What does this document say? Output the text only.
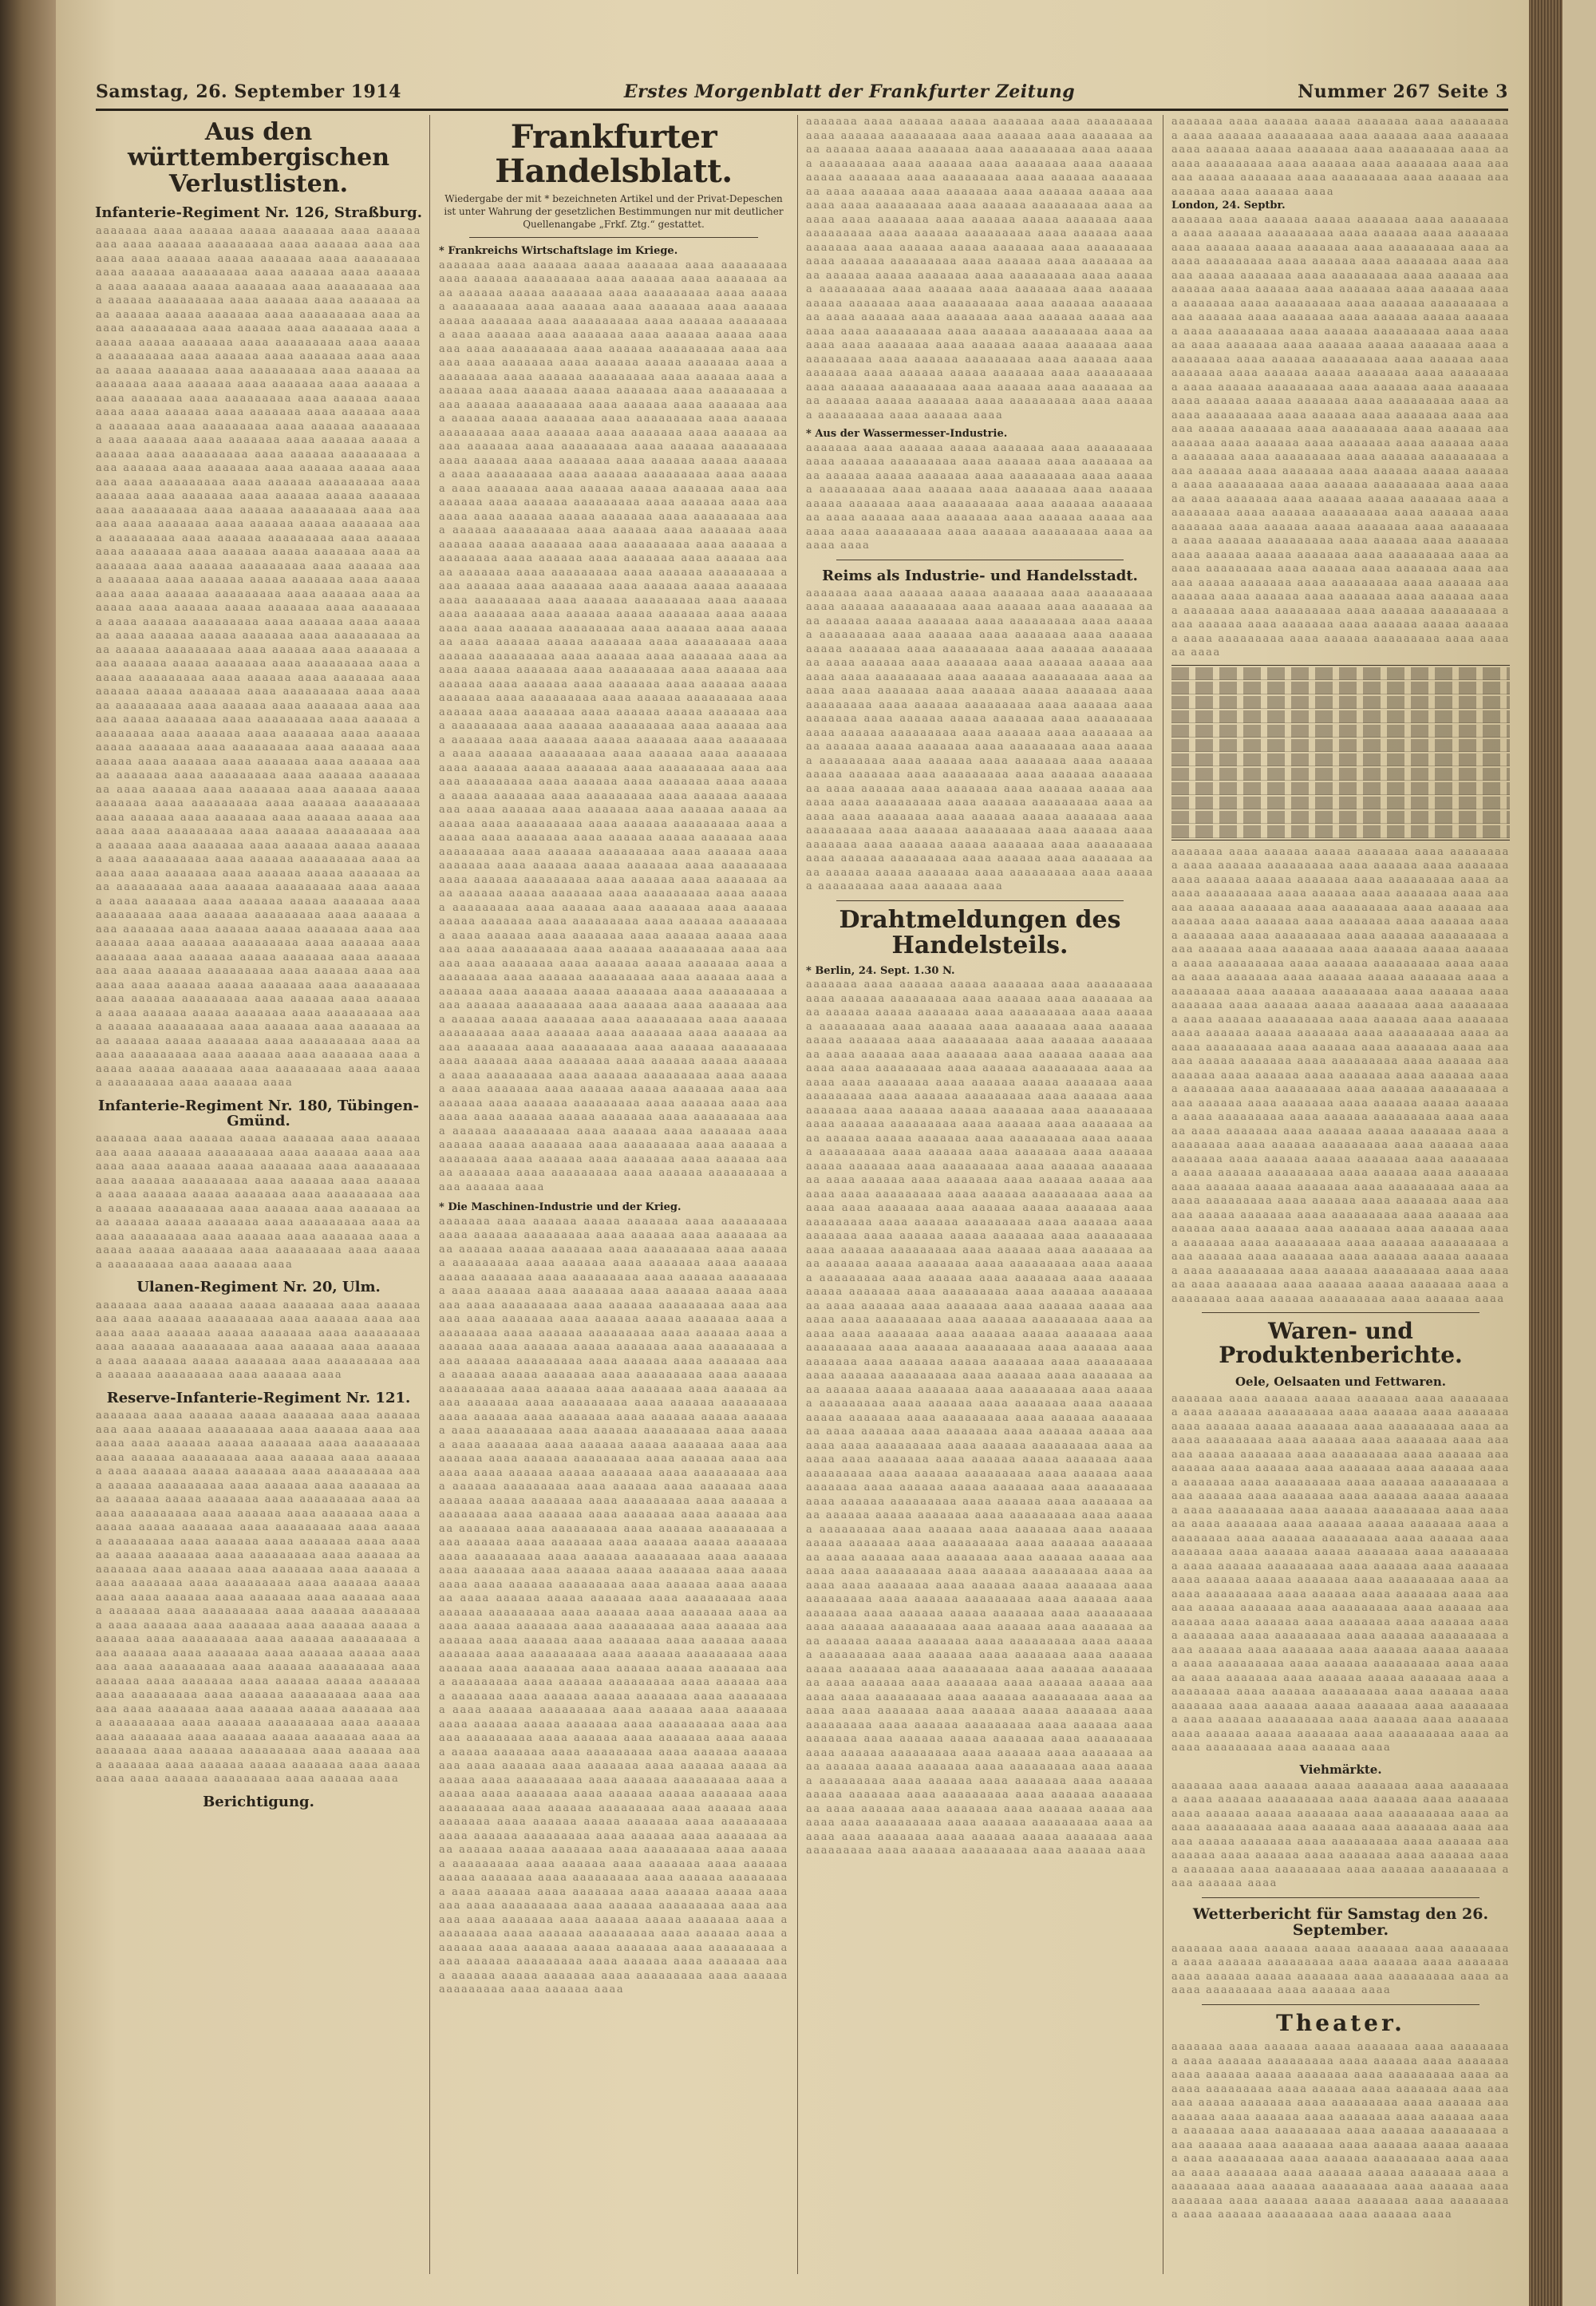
Samstag, 26. September 1914	Erstes Morgenblatt der Frankfurter Zeitung	Nummer 267 Seite 3
Aus den württembergischen Verlustlisten.
Infanterie-Regiment Nr. 126, Straßburg.
aaaaaaa aaaa aaaaaa aaaaa aaaaaaa aaaa aaaaaaaaa aaaa aaaaaa aaaaaaaaa aaaa aaaaaa aaaa aaaaaaa aaaa aaaaaa aaaaa aaaaaaa aaaa aaaaaaaaa aaaa aaaaaa aaaaaaaaa aaaa aaaaaa aaaa aaaaaaa aaaa aaaaaa aaaaa aaaaaaa aaaa aaaaaaaaa aaaa aaaaaa aaaaaaaaa aaaa aaaaaa aaaa aaaaaaa aaaa aaaaaa aaaaa aaaaaaa aaaa aaaaaaaaa aaaa aaaaaa aaaaaaaaa aaaa aaaaaa aaaa aaaaaaa aaaa aaaaaa aaaaa aaaaaaa aaaa aaaaaaaaa aaaa aaaaaa aaaaaaaaa aaaa aaaaaa aaaa aaaaaaa aaaa aaaaaa aaaaa aaaaaaa aaaa aaaaaaaaa aaaa aaaaaa aaaaaaaaa aaaa aaaaaa aaaa aaaaaaa aaaa aaaaaa aaaaa aaaaaaa aaaa aaaaaaaaa aaaa aaaaaa aaaaaaaaa aaaa aaaaaa aaaa aaaaaaa aaaa aaaaaa aaaaa aaaaaaa aaaa aaaaaaaaa aaaa aaaaaa aaaaaaaaa aaaa aaaaaa aaaa aaaaaaa aaaa aaaaaa aaaaa aaaaaaa aaaa aaaaaaaaa aaaa aaaaaa aaaaaaaaa aaaa aaaaaa aaaa aaaaaaa aaaa aaaaaa aaaaa aaaaaaa aaaa aaaaaaaaa aaaa aaaaaa aaaaaaaaa aaaa aaaaaa aaaa aaaaaaa aaaa aaaaaa aaaaa aaaaaaa aaaa aaaaaaaaa aaaa aaaaaa aaaaaaaaa aaaa aaaaaa aaaa aaaaaaa aaaa aaaaaa aaaaa aaaaaaa aaaa aaaaaaaaa aaaa aaaaaa aaaaaaaaa aaaa aaaaaa aaaa aaaaaaa aaaa aaaaaa aaaaa aaaaaaa aaaa aaaaaaaaa aaaa aaaaaa aaaaaaaaa aaaa aaaaaa aaaa aaaaaaa aaaa aaaaaa aaaaa aaaaaaa aaaa aaaaaaaaa aaaa aaaaaa aaaaaaaaa aaaa aaaaaa aaaa aaaaaaa aaaa aaaaaa aaaaa aaaaaaa aaaa aaaaaaaaa aaaa aaaaaa aaaaaaaaa aaaa aaaaaa aaaa aaaaaaa aaaa aaaaaa aaaaa aaaaaaa aaaa aaaaaaaaa aaaa aaaaaa aaaaaaaaa aaaa aaaaaa aaaa aaaaaaa aaaa aaaaaa aaaaa aaaaaaa aaaa aaaaaaaaa aaaa aaaaaa aaaaaaaaa aaaa aaaaaa aaaa aaaaaaa aaaa aaaaaa aaaaa aaaaaaa aaaa aaaaaaaaa aaaa aaaaaa aaaaaaaaa aaaa aaaaaa aaaa aaaaaaa aaaa aaaaaa aaaaa aaaaaaa aaaa aaaaaaaaa aaaa aaaaaa aaaaaaaaa aaaa aaaaaa aaaa aaaaaaa aaaa aaaaaa aaaaa aaaaaaa aaaa aaaaaaaaa aaaa aaaaaa aaaaaaaaa aaaa aaaaaa aaaa aaaaaaa aaaa aaaaaa aaaaa aaaaaaa aaaa aaaaaaaaa aaaa aaaaaa aaaaaaaaa aaaa aaaaaa aaaa aaaaaaa aaaa aaaaaa aaaaa aaaaaaa aaaa aaaaaaaaa aaaa aaaaaa aaaaaaaaa aaaa aaaaaa aaaa aaaaaaa aaaa aaaaaa aaaaa aaaaaaa aaaa aaaaaaaaa aaaa aaaaaa aaaaaaaaa aaaa aaaaaa aaaa aaaaaaa aaaa aaaaaa aaaaa aaaaaaa aaaa aaaaaaaaa aaaa aaaaaa aaaaaaaaa aaaa aaaaaa aaaa aaaaaaa aaaa aaaaaa aaaaa aaaaaaa aaaa aaaaaaaaa aaaa aaaaaa aaaaaaaaa aaaa aaaaaa aaaa aaaaaaa aaaa aaaaaa aaaaa aaaaaaa aaaa aaaaaaaaa aaaa aaaaaa aaaaaaaaa aaaa aaaaaa aaaa aaaaaaa aaaa aaaaaa aaaaa aaaaaaa aaaa aaaaaaaaa aaaa aaaaaa aaaaaaaaa aaaa aaaaaa aaaa aaaaaaa aaaa aaaaaa aaaaa aaaaaaa aaaa aaaaaaaaa aaaa aaaaaa aaaaaaaaa aaaa aaaaaa aaaa aaaaaaa aaaa aaaaaa aaaaa aaaaaaa aaaa aaaaaaaaa aaaa aaaaaa aaaaaaaaa aaaa aaaaaa aaaa aaaaaaa aaaa aaaaaa aaaaa aaaaaaa aaaa aaaaaaaaa aaaa aaaaaa aaaaaaaaa aaaa aaaaaa aaaa aaaaaaa aaaa aaaaaa aaaaa aaaaaaa aaaa aaaaaaaaa aaaa aaaaaa aaaaaaaaa aaaa aaaaaa aaaa aaaaaaa aaaa aaaaaa aaaaa aaaaaaa aaaa aaaaaaaaa aaaa aaaaaa aaaaaaaaa aaaa aaaaaa aaaa
Infanterie-Regiment Nr. 180, Tübingen-Gmünd.
aaaaaaa aaaa aaaaaa aaaaa aaaaaaa aaaa aaaaaaaaa aaaa aaaaaa aaaaaaaaa aaaa aaaaaa aaaa aaaaaaa aaaa aaaaaa aaaaa aaaaaaa aaaa aaaaaaaaa aaaa aaaaaa aaaaaaaaa aaaa aaaaaa aaaa aaaaaaa aaaa aaaaaa aaaaa aaaaaaa aaaa aaaaaaaaa aaaa aaaaaa aaaaaaaaa aaaa aaaaaa aaaa aaaaaaa aaaa aaaaaa aaaaa aaaaaaa aaaa aaaaaaaaa aaaa aaaaaa aaaaaaaaa aaaa aaaaaa aaaa aaaaaaa aaaa aaaaaa aaaaa aaaaaaa aaaa aaaaaaaaa aaaa aaaaaa aaaaaaaaa aaaa aaaaaa aaaa
Ulanen-Regiment Nr. 20, Ulm.
aaaaaaa aaaa aaaaaa aaaaa aaaaaaa aaaa aaaaaaaaa aaaa aaaaaa aaaaaaaaa aaaa aaaaaa aaaa aaaaaaa aaaa aaaaaa aaaaa aaaaaaa aaaa aaaaaaaaa aaaa aaaaaa aaaaaaaaa aaaa aaaaaa aaaa aaaaaaa aaaa aaaaaa aaaaa aaaaaaa aaaa aaaaaaaaa aaaa aaaaaa aaaaaaaaa aaaa aaaaaa aaaa
Reserve-Infanterie-Regiment Nr. 121.
aaaaaaa aaaa aaaaaa aaaaa aaaaaaa aaaa aaaaaaaaa aaaa aaaaaa aaaaaaaaa aaaa aaaaaa aaaa aaaaaaa aaaa aaaaaa aaaaa aaaaaaa aaaa aaaaaaaaa aaaa aaaaaa aaaaaaaaa aaaa aaaaaa aaaa aaaaaaa aaaa aaaaaa aaaaa aaaaaaa aaaa aaaaaaaaa aaaa aaaaaa aaaaaaaaa aaaa aaaaaa aaaa aaaaaaa aaaa aaaaaa aaaaa aaaaaaa aaaa aaaaaaaaa aaaa aaaaaa aaaaaaaaa aaaa aaaaaa aaaa aaaaaaa aaaa aaaaaa aaaaa aaaaaaa aaaa aaaaaaaaa aaaa aaaaaa aaaaaaaaa aaaa aaaaaa aaaa aaaaaaa aaaa aaaaaa aaaaa aaaaaaa aaaa aaaaaaaaa aaaa aaaaaa aaaaaaaaa aaaa aaaaaa aaaa aaaaaaa aaaa aaaaaa aaaaa aaaaaaa aaaa aaaaaaaaa aaaa aaaaaa aaaaaaaaa aaaa aaaaaa aaaa aaaaaaa aaaa aaaaaa aaaaa aaaaaaa aaaa aaaaaaaaa aaaa aaaaaa aaaaaaaaa aaaa aaaaaa aaaa aaaaaaa aaaa aaaaaa aaaaa aaaaaaa aaaa aaaaaaaaa aaaa aaaaaa aaaaaaaaa aaaa aaaaaa aaaa aaaaaaa aaaa aaaaaa aaaaa aaaaaaa aaaa aaaaaaaaa aaaa aaaaaa aaaaaaaaa aaaa aaaaaa aaaa aaaaaaa aaaa aaaaaa aaaaa aaaaaaa aaaa aaaaaaaaa aaaa aaaaaa aaaaaaaaa aaaa aaaaaa aaaa aaaaaaa aaaa aaaaaa aaaaa aaaaaaa aaaa aaaaaaaaa aaaa aaaaaa aaaaaaaaa aaaa aaaaaa aaaa aaaaaaa aaaa aaaaaa aaaaa aaaaaaa aaaa aaaaaaaaa aaaa aaaaaa aaaaaaaaa aaaa aaaaaa aaaa aaaaaaa aaaa aaaaaa aaaaa aaaaaaa aaaa aaaaaaaaa aaaa aaaaaa aaaaaaaaa aaaa aaaaaa aaaa
Berichtigung.
Frankfurter Handelsblatt.
Wiedergabe der mit * bezeichneten Artikel und der Privat-Depeschen ist unter Wahrung der gesetzlichen Bestimmungen nur mit deutlicher Quellenangabe „Frkf. Ztg.“ gestattet.
* Frankreichs Wirtschaftslage im Kriege.
aaaaaaa aaaa aaaaaa aaaaa aaaaaaa aaaa aaaaaaaaa aaaa aaaaaa aaaaaaaaa aaaa aaaaaa aaaa aaaaaaa aaaa aaaaaa aaaaa aaaaaaa aaaa aaaaaaaaa aaaa aaaaaa aaaaaaaaa aaaa aaaaaa aaaa aaaaaaa aaaa aaaaaa aaaaa aaaaaaa aaaa aaaaaaaaa aaaa aaaaaa aaaaaaaaa aaaa aaaaaa aaaa aaaaaaa aaaa aaaaaa aaaaa aaaaaaa aaaa aaaaaaaaa aaaa aaaaaa aaaaaaaaa aaaa aaaaaa aaaa aaaaaaa aaaa aaaaaa aaaaa aaaaaaa aaaa aaaaaaaaa aaaa aaaaaa aaaaaaaaa aaaa aaaaaa aaaa aaaaaaa aaaa aaaaaa aaaaa aaaaaaa aaaa aaaaaaaaa aaaa aaaaaa aaaaaaaaa aaaa aaaaaa aaaa aaaaaaa aaaa aaaaaa aaaaa aaaaaaa aaaa aaaaaaaaa aaaa aaaaaa aaaaaaaaa aaaa aaaaaa aaaa aaaaaaa aaaa aaaaaa aaaaa aaaaaaa aaaa aaaaaaaaa aaaa aaaaaa aaaaaaaaa aaaa aaaaaa aaaa aaaaaaa aaaa aaaaaa aaaaa aaaaaaa aaaa aaaaaaaaa aaaa aaaaaa aaaaaaaaa aaaa aaaaaa aaaa aaaaaaa aaaa aaaaaa aaaaa aaaaaaa aaaa aaaaaaaaa aaaa aaaaaa aaaaaaaaa aaaa aaaaaa aaaa aaaaaaa aaaa aaaaaa aaaaa aaaaaaa aaaa aaaaaaaaa aaaa aaaaaa aaaaaaaaa aaaa aaaaaa aaaa aaaaaaa aaaa aaaaaa aaaaa aaaaaaa aaaa aaaaaaaaa aaaa aaaaaa aaaaaaaaa aaaa aaaaaa aaaa aaaaaaa aaaa aaaaaa aaaaa aaaaaaa aaaa aaaaaaaaa aaaa aaaaaa aaaaaaaaa aaaa aaaaaa aaaa aaaaaaa aaaa aaaaaa aaaaa aaaaaaa aaaa aaaaaaaaa aaaa aaaaaa aaaaaaaaa aaaa aaaaaa aaaa aaaaaaa aaaa aaaaaa aaaaa aaaaaaa aaaa aaaaaaaaa aaaa aaaaaa aaaaaaaaa aaaa aaaaaa aaaa aaaaaaa aaaa aaaaaa aaaaa aaaaaaa aaaa aaaaaaaaa aaaa aaaaaa aaaaaaaaa aaaa aaaaaa aaaa aaaaaaa aaaa aaaaaa aaaaa aaaaaaa aaaa aaaaaaaaa aaaa aaaaaa aaaaaaaaa aaaa aaaaaa aaaa aaaaaaa aaaa aaaaaa aaaaa aaaaaaa aaaa aaaaaaaaa aaaa aaaaaa aaaaaaaaa aaaa aaaaaa aaaa aaaaaaa aaaa aaaaaa aaaaa aaaaaaa aaaa aaaaaaaaa aaaa aaaaaa aaaaaaaaa aaaa aaaaaa aaaa aaaaaaa aaaa aaaaaa aaaaa aaaaaaa aaaa aaaaaaaaa aaaa aaaaaa aaaaaaaaa aaaa aaaaaa aaaa aaaaaaa aaaa aaaaaa aaaaa aaaaaaa aaaa aaaaaaaaa aaaa aaaaaa aaaaaaaaa aaaa aaaaaa aaaa aaaaaaa aaaa aaaaaa aaaaa aaaaaaa aaaa aaaaaaaaa aaaa aaaaaa aaaaaaaaa aaaa aaaaaa aaaa aaaaaaa aaaa aaaaaa aaaaa aaaaaaa aaaa aaaaaaaaa aaaa aaaaaa aaaaaaaaa aaaa aaaaaa aaaa aaaaaaa aaaa aaaaaa aaaaa aaaaaaa aaaa aaaaaaaaa aaaa aaaaaa aaaaaaaaa aaaa aaaaaa aaaa aaaaaaa aaaa aaaaaa aaaaa aaaaaaa aaaa aaaaaaaaa aaaa aaaaaa aaaaaaaaa aaaa aaaaaa aaaa aaaaaaa aaaa aaaaaa aaaaa aaaaaaa aaaa aaaaaaaaa aaaa aaaaaa aaaaaaaaa aaaa aaaaaa aaaa aaaaaaa aaaa aaaaaa aaaaa aaaaaaa aaaa aaaaaaaaa aaaa aaaaaa aaaaaaaaa aaaa aaaaaa aaaa aaaaaaa aaaa aaaaaa aaaaa aaaaaaa aaaa aaaaaaaaa aaaa aaaaaa aaaaaaaaa aaaa aaaaaa aaaa aaaaaaa aaaa aaaaaa aaaaa aaaaaaa aaaa aaaaaaaaa aaaa aaaaaa aaaaaaaaa aaaa aaaaaa aaaa aaaaaaa aaaa aaaaaa aaaaa aaaaaaa aaaa aaaaaaaaa aaaa aaaaaa aaaaaaaaa aaaa aaaaaa aaaa aaaaaaa aaaa aaaaaa aaaaa aaaaaaa aaaa aaaaaaaaa aaaa aaaaaa aaaaaaaaa aaaa aaaaaa aaaa aaaaaaa aaaa aaaaaa aaaaa aaaaaaa aaaa aaaaaaaaa aaaa aaaaaa aaaaaaaaa aaaa aaaaaa aaaa aaaaaaa aaaa aaaaaa aaaaa aaaaaaa aaaa aaaaaaaaa aaaa aaaaaa aaaaaaaaa aaaa aaaaaa aaaa aaaaaaa aaaa aaaaaa aaaaa aaaaaaa aaaa aaaaaaaaa aaaa aaaaaa aaaaaaaaa aaaa aaaaaa aaaa aaaaaaa aaaa aaaaaa aaaaa aaaaaaa aaaa aaaaaaaaa aaaa aaaaaa aaaaaaaaa aaaa aaaaaa aaaa aaaaaaa aaaa aaaaaa aaaaa aaaaaaa aaaa aaaaaaaaa aaaa aaaaaa aaaaaaaaa aaaa aaaaaa aaaa aaaaaaa aaaa aaaaaa aaaaa aaaaaaa aaaa aaaaaaaaa aaaa aaaaaa aaaaaaaaa aaaa aaaaaa aaaa
* Die Maschinen-Industrie und der Krieg.
aaaaaaa aaaa aaaaaa aaaaa aaaaaaa aaaa aaaaaaaaa aaaa aaaaaa aaaaaaaaa aaaa aaaaaa aaaa aaaaaaa aaaa aaaaaa aaaaa aaaaaaa aaaa aaaaaaaaa aaaa aaaaaa aaaaaaaaa aaaa aaaaaa aaaa aaaaaaa aaaa aaaaaa aaaaa aaaaaaa aaaa aaaaaaaaa aaaa aaaaaa aaaaaaaaa aaaa aaaaaa aaaa aaaaaaa aaaa aaaaaa aaaaa aaaaaaa aaaa aaaaaaaaa aaaa aaaaaa aaaaaaaaa aaaa aaaaaa aaaa aaaaaaa aaaa aaaaaa aaaaa aaaaaaa aaaa aaaaaaaaa aaaa aaaaaa aaaaaaaaa aaaa aaaaaa aaaa aaaaaaa aaaa aaaaaa aaaaa aaaaaaa aaaa aaaaaaaaa aaaa aaaaaa aaaaaaaaa aaaa aaaaaa aaaa aaaaaaa aaaa aaaaaa aaaaa aaaaaaa aaaa aaaaaaaaa aaaa aaaaaa aaaaaaaaa aaaa aaaaaa aaaa aaaaaaa aaaa aaaaaa aaaaa aaaaaaa aaaa aaaaaaaaa aaaa aaaaaa aaaaaaaaa aaaa aaaaaa aaaa aaaaaaa aaaa aaaaaa aaaaa aaaaaaa aaaa aaaaaaaaa aaaa aaaaaa aaaaaaaaa aaaa aaaaaa aaaa aaaaaaa aaaa aaaaaa aaaaa aaaaaaa aaaa aaaaaaaaa aaaa aaaaaa aaaaaaaaa aaaa aaaaaa aaaa aaaaaaa aaaa aaaaaa aaaaa aaaaaaa aaaa aaaaaaaaa aaaa aaaaaa aaaaaaaaa aaaa aaaaaa aaaa aaaaaaa aaaa aaaaaa aaaaa aaaaaaa aaaa aaaaaaaaa aaaa aaaaaa aaaaaaaaa aaaa aaaaaa aaaa aaaaaaa aaaa aaaaaa aaaaa aaaaaaa aaaa aaaaaaaaa aaaa aaaaaa aaaaaaaaa aaaa aaaaaa aaaa aaaaaaa aaaa aaaaaa aaaaa aaaaaaa aaaa aaaaaaaaa aaaa aaaaaa aaaaaaaaa aaaa aaaaaa aaaa aaaaaaa aaaa aaaaaa aaaaa aaaaaaa aaaa aaaaaaaaa aaaa aaaaaa aaaaaaaaa aaaa aaaaaa aaaa aaaaaaa aaaa aaaaaa aaaaa aaaaaaa aaaa aaaaaaaaa aaaa aaaaaa aaaaaaaaa aaaa aaaaaa aaaa aaaaaaa aaaa aaaaaa aaaaa aaaaaaa aaaa aaaaaaaaa aaaa aaaaaa aaaaaaaaa aaaa aaaaaa aaaa aaaaaaa aaaa aaaaaa aaaaa aaaaaaa aaaa aaaaaaaaa aaaa aaaaaa aaaaaaaaa aaaa aaaaaa aaaa aaaaaaa aaaa aaaaaa aaaaa aaaaaaa aaaa aaaaaaaaa aaaa aaaaaa aaaaaaaaa aaaa aaaaaa aaaa aaaaaaa aaaa aaaaaa aaaaa aaaaaaa aaaa aaaaaaaaa aaaa aaaaaa aaaaaaaaa aaaa aaaaaa aaaa aaaaaaa aaaa aaaaaa aaaaa aaaaaaa aaaa aaaaaaaaa aaaa aaaaaa aaaaaaaaa aaaa aaaaaa aaaa aaaaaaa aaaa aaaaaa aaaaa aaaaaaa aaaa aaaaaaaaa aaaa aaaaaa aaaaaaaaa aaaa aaaaaa aaaa aaaaaaa aaaa aaaaaa aaaaa aaaaaaa aaaa aaaaaaaaa aaaa aaaaaa aaaaaaaaa aaaa aaaaaa aaaa aaaaaaa aaaa aaaaaa aaaaa aaaaaaa aaaa aaaaaaaaa aaaa aaaaaa aaaaaaaaa aaaa aaaaaa aaaa aaaaaaa aaaa aaaaaa aaaaa aaaaaaa aaaa aaaaaaaaa aaaa aaaaaa aaaaaaaaa aaaa aaaaaa aaaa aaaaaaa aaaa aaaaaa aaaaa aaaaaaa aaaa aaaaaaaaa aaaa aaaaaa aaaaaaaaa aaaa aaaaaa aaaa aaaaaaa aaaa aaaaaa aaaaa aaaaaaa aaaa aaaaaaaaa aaaa aaaaaa aaaaaaaaa aaaa aaaaaa aaaa aaaaaaa aaaa aaaaaa aaaaa aaaaaaa aaaa aaaaaaaaa aaaa aaaaaa aaaaaaaaa aaaa aaaaaa aaaa aaaaaaa aaaa aaaaaa aaaaa aaaaaaa aaaa aaaaaaaaa aaaa aaaaaa aaaaaaaaa aaaa aaaaaa aaaa aaaaaaa aaaa aaaaaa aaaaa aaaaaaa aaaa aaaaaaaaa aaaa aaaaaa aaaaaaaaa aaaa aaaaaa aaaa aaaaaaa aaaa aaaaaa aaaaa aaaaaaa aaaa aaaaaaaaa aaaa aaaaaa aaaaaaaaa aaaa aaaaaa aaaa
aaaaaaa aaaa aaaaaa aaaaa aaaaaaa aaaa aaaaaaaaa aaaa aaaaaa aaaaaaaaa aaaa aaaaaa aaaa aaaaaaa aaaa aaaaaa aaaaa aaaaaaa aaaa aaaaaaaaa aaaa aaaaaa aaaaaaaaa aaaa aaaaaa aaaa aaaaaaa aaaa aaaaaa aaaaa aaaaaaa aaaa aaaaaaaaa aaaa aaaaaa aaaaaaaaa aaaa aaaaaa aaaa aaaaaaa aaaa aaaaaa aaaaa aaaaaaa aaaa aaaaaaaaa aaaa aaaaaa aaaaaaaaa aaaa aaaaaa aaaa aaaaaaa aaaa aaaaaa aaaaa aaaaaaa aaaa aaaaaaaaa aaaa aaaaaa aaaaaaaaa aaaa aaaaaa aaaa aaaaaaa aaaa aaaaaa aaaaa aaaaaaa aaaa aaaaaaaaa aaaa aaaaaa aaaaaaaaa aaaa aaaaaa aaaa aaaaaaa aaaa aaaaaa aaaaa aaaaaaa aaaa aaaaaaaaa aaaa aaaaaa aaaaaaaaa aaaa aaaaaa aaaa aaaaaaa aaaa aaaaaa aaaaa aaaaaaa aaaa aaaaaaaaa aaaa aaaaaa aaaaaaaaa aaaa aaaaaa aaaa aaaaaaa aaaa aaaaaa aaaaa aaaaaaa aaaa aaaaaaaaa aaaa aaaaaa aaaaaaaaa aaaa aaaaaa aaaa aaaaaaa aaaa aaaaaa aaaaa aaaaaaa aaaa aaaaaaaaa aaaa aaaaaa aaaaaaaaa aaaa aaaaaa aaaa aaaaaaa aaaa aaaaaa aaaaa aaaaaaa aaaa aaaaaaaaa aaaa aaaaaa aaaaaaaaa aaaa aaaaaa aaaa aaaaaaa aaaa aaaaaa aaaaa aaaaaaa aaaa aaaaaaaaa aaaa aaaaaa aaaaaaaaa aaaa aaaaaa aaaa
* Aus der Wassermesser-Industrie.
aaaaaaa aaaa aaaaaa aaaaa aaaaaaa aaaa aaaaaaaaa aaaa aaaaaa aaaaaaaaa aaaa aaaaaa aaaa aaaaaaa aaaa aaaaaa aaaaa aaaaaaa aaaa aaaaaaaaa aaaa aaaaaa aaaaaaaaa aaaa aaaaaa aaaa aaaaaaa aaaa aaaaaa aaaaa aaaaaaa aaaa aaaaaaaaa aaaa aaaaaa aaaaaaaaa aaaa aaaaaa aaaa aaaaaaa aaaa aaaaaa aaaaa aaaaaaa aaaa aaaaaaaaa aaaa aaaaaa aaaaaaaaa aaaa aaaaaa aaaa
Reims als Industrie- und Handelsstadt.
aaaaaaa aaaa aaaaaa aaaaa aaaaaaa aaaa aaaaaaaaa aaaa aaaaaa aaaaaaaaa aaaa aaaaaa aaaa aaaaaaa aaaa aaaaaa aaaaa aaaaaaa aaaa aaaaaaaaa aaaa aaaaaa aaaaaaaaa aaaa aaaaaa aaaa aaaaaaa aaaa aaaaaa aaaaa aaaaaaa aaaa aaaaaaaaa aaaa aaaaaa aaaaaaaaa aaaa aaaaaa aaaa aaaaaaa aaaa aaaaaa aaaaa aaaaaaa aaaa aaaaaaaaa aaaa aaaaaa aaaaaaaaa aaaa aaaaaa aaaa aaaaaaa aaaa aaaaaa aaaaa aaaaaaa aaaa aaaaaaaaa aaaa aaaaaa aaaaaaaaa aaaa aaaaaa aaaa aaaaaaa aaaa aaaaaa aaaaa aaaaaaa aaaa aaaaaaaaa aaaa aaaaaa aaaaaaaaa aaaa aaaaaa aaaa aaaaaaa aaaa aaaaaa aaaaa aaaaaaa aaaa aaaaaaaaa aaaa aaaaaa aaaaaaaaa aaaa aaaaaa aaaa aaaaaaa aaaa aaaaaa aaaaa aaaaaaa aaaa aaaaaaaaa aaaa aaaaaa aaaaaaaaa aaaa aaaaaa aaaa aaaaaaa aaaa aaaaaa aaaaa aaaaaaa aaaa aaaaaaaaa aaaa aaaaaa aaaaaaaaa aaaa aaaaaa aaaa aaaaaaa aaaa aaaaaa aaaaa aaaaaaa aaaa aaaaaaaaa aaaa aaaaaa aaaaaaaaa aaaa aaaaaa aaaa aaaaaaa aaaa aaaaaa aaaaa aaaaaaa aaaa aaaaaaaaa aaaa aaaaaa aaaaaaaaa aaaa aaaaaa aaaa aaaaaaa aaaa aaaaaa aaaaa aaaaaaa aaaa aaaaaaaaa aaaa aaaaaa aaaaaaaaa aaaa aaaaaa aaaa
Drahtmeldungen des Handelsteils.
* Berlin, 24. Sept. 1.30 N.
aaaaaaa aaaa aaaaaa aaaaa aaaaaaa aaaa aaaaaaaaa aaaa aaaaaa aaaaaaaaa aaaa aaaaaa aaaa aaaaaaa aaaa aaaaaa aaaaa aaaaaaa aaaa aaaaaaaaa aaaa aaaaaa aaaaaaaaa aaaa aaaaaa aaaa aaaaaaa aaaa aaaaaa aaaaa aaaaaaa aaaa aaaaaaaaa aaaa aaaaaa aaaaaaaaa aaaa aaaaaa aaaa aaaaaaa aaaa aaaaaa aaaaa aaaaaaa aaaa aaaaaaaaa aaaa aaaaaa aaaaaaaaa aaaa aaaaaa aaaa aaaaaaa aaaa aaaaaa aaaaa aaaaaaa aaaa aaaaaaaaa aaaa aaaaaa aaaaaaaaa aaaa aaaaaa aaaa aaaaaaa aaaa aaaaaa aaaaa aaaaaaa aaaa aaaaaaaaa aaaa aaaaaa aaaaaaaaa aaaa aaaaaa aaaa aaaaaaa aaaa aaaaaa aaaaa aaaaaaa aaaa aaaaaaaaa aaaa aaaaaa aaaaaaaaa aaaa aaaaaa aaaa aaaaaaa aaaa aaaaaa aaaaa aaaaaaa aaaa aaaaaaaaa aaaa aaaaaa aaaaaaaaa aaaa aaaaaa aaaa aaaaaaa aaaa aaaaaa aaaaa aaaaaaa aaaa aaaaaaaaa aaaa aaaaaa aaaaaaaaa aaaa aaaaaa aaaa aaaaaaa aaaa aaaaaa aaaaa aaaaaaa aaaa aaaaaaaaa aaaa aaaaaa aaaaaaaaa aaaa aaaaaa aaaa aaaaaaa aaaa aaaaaa aaaaa aaaaaaa aaaa aaaaaaaaa aaaa aaaaaa aaaaaaaaa aaaa aaaaaa aaaa aaaaaaa aaaa aaaaaa aaaaa aaaaaaa aaaa aaaaaaaaa aaaa aaaaaa aaaaaaaaa aaaa aaaaaa aaaa aaaaaaa aaaa aaaaaa aaaaa aaaaaaa aaaa aaaaaaaaa aaaa aaaaaa aaaaaaaaa aaaa aaaaaa aaaa aaaaaaa aaaa aaaaaa aaaaa aaaaaaa aaaa aaaaaaaaa aaaa aaaaaa aaaaaaaaa aaaa aaaaaa aaaa aaaaaaa aaaa aaaaaa aaaaa aaaaaaa aaaa aaaaaaaaa aaaa aaaaaa aaaaaaaaa aaaa aaaaaa aaaa aaaaaaa aaaa aaaaaa aaaaa aaaaaaa aaaa aaaaaaaaa aaaa aaaaaa aaaaaaaaa aaaa aaaaaa aaaa aaaaaaa aaaa aaaaaa aaaaa aaaaaaa aaaa aaaaaaaaa aaaa aaaaaa aaaaaaaaa aaaa aaaaaa aaaa aaaaaaa aaaa aaaaaa aaaaa aaaaaaa aaaa aaaaaaaaa aaaa aaaaaa aaaaaaaaa aaaa aaaaaa aaaa aaaaaaa aaaa aaaaaa aaaaa aaaaaaa aaaa aaaaaaaaa aaaa aaaaaa aaaaaaaaa aaaa aaaaaa aaaa aaaaaaa aaaa aaaaaa aaaaa aaaaaaa aaaa aaaaaaaaa aaaa aaaaaa aaaaaaaaa aaaa aaaaaa aaaa aaaaaaa aaaa aaaaaa aaaaa aaaaaaa aaaa aaaaaaaaa aaaa aaaaaa aaaaaaaaa aaaa aaaaaa aaaa aaaaaaa aaaa aaaaaa aaaaa aaaaaaa aaaa aaaaaaaaa aaaa aaaaaa aaaaaaaaa aaaa aaaaaa aaaa aaaaaaa aaaa aaaaaa aaaaa aaaaaaa aaaa aaaaaaaaa aaaa aaaaaa aaaaaaaaa aaaa aaaaaa aaaa aaaaaaa aaaa aaaaaa aaaaa aaaaaaa aaaa aaaaaaaaa aaaa aaaaaa aaaaaaaaa aaaa aaaaaa aaaa aaaaaaa aaaa aaaaaa aaaaa aaaaaaa aaaa aaaaaaaaa aaaa aaaaaa aaaaaaaaa aaaa aaaaaa aaaa aaaaaaa aaaa aaaaaa aaaaa aaaaaaa aaaa aaaaaaaaa aaaa aaaaaa aaaaaaaaa aaaa aaaaaa aaaa aaaaaaa aaaa aaaaaa aaaaa aaaaaaa aaaa aaaaaaaaa aaaa aaaaaa aaaaaaaaa aaaa aaaaaa aaaa aaaaaaa aaaa aaaaaa aaaaa aaaaaaa aaaa aaaaaaaaa aaaa aaaaaa aaaaaaaaa aaaa aaaaaa aaaa aaaaaaa aaaa aaaaaa aaaaa aaaaaaa aaaa aaaaaaaaa aaaa aaaaaa aaaaaaaaa aaaa aaaaaa aaaa aaaaaaa aaaa aaaaaa aaaaa aaaaaaa aaaa aaaaaaaaa aaaa aaaaaa aaaaaaaaa aaaa aaaaaa aaaa aaaaaaa aaaa aaaaaa aaaaa aaaaaaa aaaa aaaaaaaaa aaaa aaaaaa aaaaaaaaa aaaa aaaaaa aaaa aaaaaaa aaaa aaaaaa aaaaa aaaaaaa aaaa aaaaaaaaa aaaa aaaaaa aaaaaaaaa aaaa aaaaaa aaaa aaaaaaa aaaa aaaaaa aaaaa aaaaaaa aaaa aaaaaaaaa aaaa aaaaaa aaaaaaaaa aaaa aaaaaa aaaa aaaaaaa aaaa aaaaaa aaaaa aaaaaaa aaaa aaaaaaaaa aaaa aaaaaa aaaaaaaaa aaaa aaaaaa aaaa aaaaaaa aaaa aaaaaa aaaaa aaaaaaa aaaa aaaaaaaaa aaaa aaaaaa aaaaaaaaa aaaa aaaaaa aaaa
aaaaaaa aaaa aaaaaa aaaaa aaaaaaa aaaa aaaaaaaaa aaaa aaaaaa aaaaaaaaa aaaa aaaaaa aaaa aaaaaaa aaaa aaaaaa aaaaa aaaaaaa aaaa aaaaaaaaa aaaa aaaaaa aaaaaaaaa aaaa aaaaaa aaaa aaaaaaa aaaa aaaaaa aaaaa aaaaaaa aaaa aaaaaaaaa aaaa aaaaaa aaaaaaaaa aaaa aaaaaa aaaa
London, 24. Septbr.
aaaaaaa aaaa aaaaaa aaaaa aaaaaaa aaaa aaaaaaaaa aaaa aaaaaa aaaaaaaaa aaaa aaaaaa aaaa aaaaaaa aaaa aaaaaa aaaaa aaaaaaa aaaa aaaaaaaaa aaaa aaaaaa aaaaaaaaa aaaa aaaaaa aaaa aaaaaaa aaaa aaaaaa aaaaa aaaaaaa aaaa aaaaaaaaa aaaa aaaaaa aaaaaaaaa aaaa aaaaaa aaaa aaaaaaa aaaa aaaaaa aaaaa aaaaaaa aaaa aaaaaaaaa aaaa aaaaaa aaaaaaaaa aaaa aaaaaa aaaa aaaaaaa aaaa aaaaaa aaaaa aaaaaaa aaaa aaaaaaaaa aaaa aaaaaa aaaaaaaaa aaaa aaaaaa aaaa aaaaaaa aaaa aaaaaa aaaaa aaaaaaa aaaa aaaaaaaaa aaaa aaaaaa aaaaaaaaa aaaa aaaaaa aaaa aaaaaaa aaaa aaaaaa aaaaa aaaaaaa aaaa aaaaaaaaa aaaa aaaaaa aaaaaaaaa aaaa aaaaaa aaaa aaaaaaa aaaa aaaaaa aaaaa aaaaaaa aaaa aaaaaaaaa aaaa aaaaaa aaaaaaaaa aaaa aaaaaa aaaa aaaaaaa aaaa aaaaaa aaaaa aaaaaaa aaaa aaaaaaaaa aaaa aaaaaa aaaaaaaaa aaaa aaaaaa aaaa aaaaaaa aaaa aaaaaa aaaaa aaaaaaa aaaa aaaaaaaaa aaaa aaaaaa aaaaaaaaa aaaa aaaaaa aaaa aaaaaaa aaaa aaaaaa aaaaa aaaaaaa aaaa aaaaaaaaa aaaa aaaaaa aaaaaaaaa aaaa aaaaaa aaaa aaaaaaa aaaa aaaaaa aaaaa aaaaaaa aaaa aaaaaaaaa aaaa aaaaaa aaaaaaaaa aaaa aaaaaa aaaa aaaaaaa aaaa aaaaaa aaaaa aaaaaaa aaaa aaaaaaaaa aaaa aaaaaa aaaaaaaaa aaaa aaaaaa aaaa aaaaaaa aaaa aaaaaa aaaaa aaaaaaa aaaa aaaaaaaaa aaaa aaaaaa aaaaaaaaa aaaa aaaaaa aaaa aaaaaaa aaaa aaaaaa aaaaa aaaaaaa aaaa aaaaaaaaa aaaa aaaaaa aaaaaaaaa aaaa aaaaaa aaaa aaaaaaa aaaa aaaaaa aaaaa aaaaaaa aaaa aaaaaaaaa aaaa aaaaaa aaaaaaaaa aaaa aaaaaa aaaa aaaaaaa aaaa aaaaaa aaaaa aaaaaaa aaaa aaaaaaaaa aaaa aaaaaa aaaaaaaaa aaaa aaaaaa aaaa
aaaaaaa aaaa aaaaaa aaaaa aaaaaaa aaaa aaaaaaaaa aaaa aaaaaa aaaaaaaaa aaaa aaaaaa aaaa aaaaaaa aaaa aaaaaa aaaaa aaaaaaa aaaa aaaaaaaaa aaaa aaaaaa aaaaaaaaa aaaa aaaaaa aaaa aaaaaaa aaaa aaaaaa aaaaa aaaaaaa aaaa aaaaaaaaa aaaa aaaaaa aaaaaaaaa aaaa aaaaaa aaaa aaaaaaa aaaa aaaaaa aaaaa aaaaaaa aaaa aaaaaaaaa aaaa aaaaaa aaaaaaaaa aaaa aaaaaa aaaa aaaaaaa aaaa aaaaaa aaaaa aaaaaaa aaaa aaaaaaaaa aaaa aaaaaa aaaaaaaaa aaaa aaaaaa aaaa aaaaaaa aaaa aaaaaa aaaaa aaaaaaa aaaa aaaaaaaaa aaaa aaaaaa aaaaaaaaa aaaa aaaaaa aaaa aaaaaaa aaaa aaaaaa aaaaa aaaaaaa aaaa aaaaaaaaa aaaa aaaaaa aaaaaaaaa aaaa aaaaaa aaaa aaaaaaa aaaa aaaaaa aaaaa aaaaaaa aaaa aaaaaaaaa aaaa aaaaaa aaaaaaaaa aaaa aaaaaa aaaa aaaaaaa aaaa aaaaaa aaaaa aaaaaaa aaaa aaaaaaaaa aaaa aaaaaa aaaaaaaaa aaaa aaaaaa aaaa aaaaaaa aaaa aaaaaa aaaaa aaaaaaa aaaa aaaaaaaaa aaaa aaaaaa aaaaaaaaa aaaa aaaaaa aaaa aaaaaaa aaaa aaaaaa aaaaa aaaaaaa aaaa aaaaaaaaa aaaa aaaaaa aaaaaaaaa aaaa aaaaaa aaaa aaaaaaa aaaa aaaaaa aaaaa aaaaaaa aaaa aaaaaaaaa aaaa aaaaaa aaaaaaaaa aaaa aaaaaa aaaa aaaaaaa aaaa aaaaaa aaaaa aaaaaaa aaaa aaaaaaaaa aaaa aaaaaa aaaaaaaaa aaaa aaaaaa aaaa aaaaaaa aaaa aaaaaa aaaaa aaaaaaa aaaa aaaaaaaaa aaaa aaaaaa aaaaaaaaa aaaa aaaaaa aaaa aaaaaaa aaaa aaaaaa aaaaa aaaaaaa aaaa aaaaaaaaa aaaa aaaaaa aaaaaaaaa aaaa aaaaaa aaaa aaaaaaa aaaa aaaaaa aaaaa aaaaaaa aaaa aaaaaaaaa aaaa aaaaaa aaaaaaaaa aaaa aaaaaa aaaa aaaaaaa aaaa aaaaaa aaaaa aaaaaaa aaaa aaaaaaaaa aaaa aaaaaa aaaaaaaaa aaaa aaaaaa aaaa aaaaaaa aaaa aaaaaa aaaaa aaaaaaa aaaa aaaaaaaaa aaaa aaaaaa aaaaaaaaa aaaa aaaaaa aaaa
Waren- und Produktenberichte.
Oele, Oelsaaten und Fettwaren.
aaaaaaa aaaa aaaaaa aaaaa aaaaaaa aaaa aaaaaaaaa aaaa aaaaaa aaaaaaaaa aaaa aaaaaa aaaa aaaaaaa aaaa aaaaaa aaaaa aaaaaaa aaaa aaaaaaaaa aaaa aaaaaa aaaaaaaaa aaaa aaaaaa aaaa aaaaaaa aaaa aaaaaa aaaaa aaaaaaa aaaa aaaaaaaaa aaaa aaaaaa aaaaaaaaa aaaa aaaaaa aaaa aaaaaaa aaaa aaaaaa aaaaa aaaaaaa aaaa aaaaaaaaa aaaa aaaaaa aaaaaaaaa aaaa aaaaaa aaaa aaaaaaa aaaa aaaaaa aaaaa aaaaaaa aaaa aaaaaaaaa aaaa aaaaaa aaaaaaaaa aaaa aaaaaa aaaa aaaaaaa aaaa aaaaaa aaaaa aaaaaaa aaaa aaaaaaaaa aaaa aaaaaa aaaaaaaaa aaaa aaaaaa aaaa aaaaaaa aaaa aaaaaa aaaaa aaaaaaa aaaa aaaaaaaaa aaaa aaaaaa aaaaaaaaa aaaa aaaaaa aaaa aaaaaaa aaaa aaaaaa aaaaa aaaaaaa aaaa aaaaaaaaa aaaa aaaaaa aaaaaaaaa aaaa aaaaaa aaaa aaaaaaa aaaa aaaaaa aaaaa aaaaaaa aaaa aaaaaaaaa aaaa aaaaaa aaaaaaaaa aaaa aaaaaa aaaa aaaaaaa aaaa aaaaaa aaaaa aaaaaaa aaaa aaaaaaaaa aaaa aaaaaa aaaaaaaaa aaaa aaaaaa aaaa aaaaaaa aaaa aaaaaa aaaaa aaaaaaa aaaa aaaaaaaaa aaaa aaaaaa aaaaaaaaa aaaa aaaaaa aaaa aaaaaaa aaaa aaaaaa aaaaa aaaaaaa aaaa aaaaaaaaa aaaa aaaaaa aaaaaaaaa aaaa aaaaaa aaaa aaaaaaa aaaa aaaaaa aaaaa aaaaaaa aaaa aaaaaaaaa aaaa aaaaaa aaaaaaaaa aaaa aaaaaa aaaa aaaaaaa aaaa aaaaaa aaaaa aaaaaaa aaaa aaaaaaaaa aaaa aaaaaa aaaaaaaaa aaaa aaaaaa aaaa
Viehmärkte.
aaaaaaa aaaa aaaaaa aaaaa aaaaaaa aaaa aaaaaaaaa aaaa aaaaaa aaaaaaaaa aaaa aaaaaa aaaa aaaaaaa aaaa aaaaaa aaaaa aaaaaaa aaaa aaaaaaaaa aaaa aaaaaa aaaaaaaaa aaaa aaaaaa aaaa aaaaaaa aaaa aaaaaa aaaaa aaaaaaa aaaa aaaaaaaaa aaaa aaaaaa aaaaaaaaa aaaa aaaaaa aaaa aaaaaaa aaaa aaaaaa aaaaa aaaaaaa aaaa aaaaaaaaa aaaa aaaaaa aaaaaaaaa aaaa aaaaaa aaaa
Wetterbericht für Samstag den 26. September.
aaaaaaa aaaa aaaaaa aaaaa aaaaaaa aaaa aaaaaaaaa aaaa aaaaaa aaaaaaaaa aaaa aaaaaa aaaa aaaaaaa aaaa aaaaaa aaaaa aaaaaaa aaaa aaaaaaaaa aaaa aaaaaa aaaaaaaaa aaaa aaaaaa aaaa
Theater.
aaaaaaa aaaa aaaaaa aaaaa aaaaaaa aaaa aaaaaaaaa aaaa aaaaaa aaaaaaaaa aaaa aaaaaa aaaa aaaaaaa aaaa aaaaaa aaaaa aaaaaaa aaaa aaaaaaaaa aaaa aaaaaa aaaaaaaaa aaaa aaaaaa aaaa aaaaaaa aaaa aaaaaa aaaaa aaaaaaa aaaa aaaaaaaaa aaaa aaaaaa aaaaaaaaa aaaa aaaaaa aaaa aaaaaaa aaaa aaaaaa aaaaa aaaaaaa aaaa aaaaaaaaa aaaa aaaaaa aaaaaaaaa aaaa aaaaaa aaaa aaaaaaa aaaa aaaaaa aaaaa aaaaaaa aaaa aaaaaaaaa aaaa aaaaaa aaaaaaaaa aaaa aaaaaa aaaa aaaaaaa aaaa aaaaaa aaaaa aaaaaaa aaaa aaaaaaaaa aaaa aaaaaa aaaaaaaaa aaaa aaaaaa aaaa aaaaaaa aaaa aaaaaa aaaaa aaaaaaa aaaa aaaaaaaaa aaaa aaaaaa aaaaaaaaa aaaa aaaaaa aaaa
